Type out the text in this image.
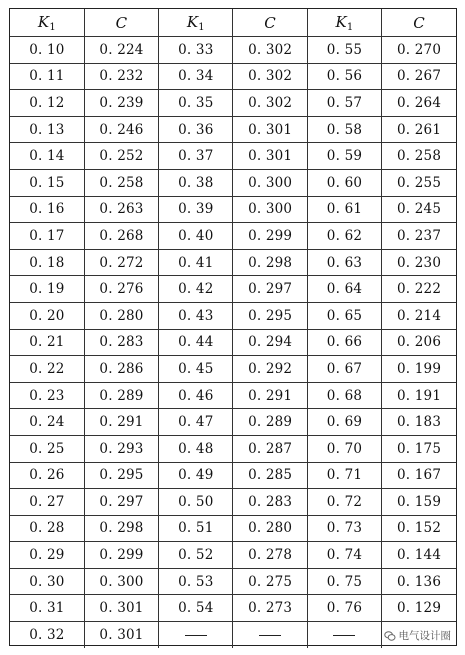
$K_1$	C	$K_1$	C	$K_1$	C
0. 10	0. 224	0. 33	0. 302	0. 55	0. 270
0. 11	0. 232	0. 34	0. 302	0. 56	0. 267
0. 12	0. 239	0. 35	0. 302	0. 57	0. 264
0. 13	0. 246	0. 36	0. 301	0. 58	0. 261
0. 14	0. 252	0. 37	0. 301	0. 59	0. 258
0. 15	0. 258	0. 38	0. 300	0. 60	0. 255
0. 16	0. 263	0. 39	0. 300	0. 61	0. 245
0. 17	0. 268	0. 40	0. 299	0. 62	0. 237
0. 18	0. 272	0. 41	0. 298	0. 63	0. 230
0. 19	0. 276	0. 42	0. 297	0. 64	0. 222
0. 20	0. 280	0. 43	0. 295	0. 65	0. 214
0. 21	0. 283	0. 44	0. 294	0. 66	0. 206
0. 22	0. 286	0. 45	0. 292	0. 67	0. 199
0. 23	0. 289	0. 46	0. 291	0. 68	0. 191
0. 24	0. 291	0. 47	0. 289	0. 69	0. 183
0. 25	0. 293	0. 48	0. 287	0. 70	0. 175
0. 26	0. 295	0. 49	0. 285	0. 71	0. 167
0. 27	0. 297	0. 50	0. 283	0. 72	0. 159
0. 28	0. 298	0. 51	0. 280	0. 73	0. 152
0. 29	0. 299	0. 52	0. 278	0. 74	0. 144
0. 30	0. 300	0. 53	0. 275	0. 75	0. 136
0. 31	0. 301	0. 54	0. 273	0. 76	0. 129
0. 32	0. 301					电气设计圈
